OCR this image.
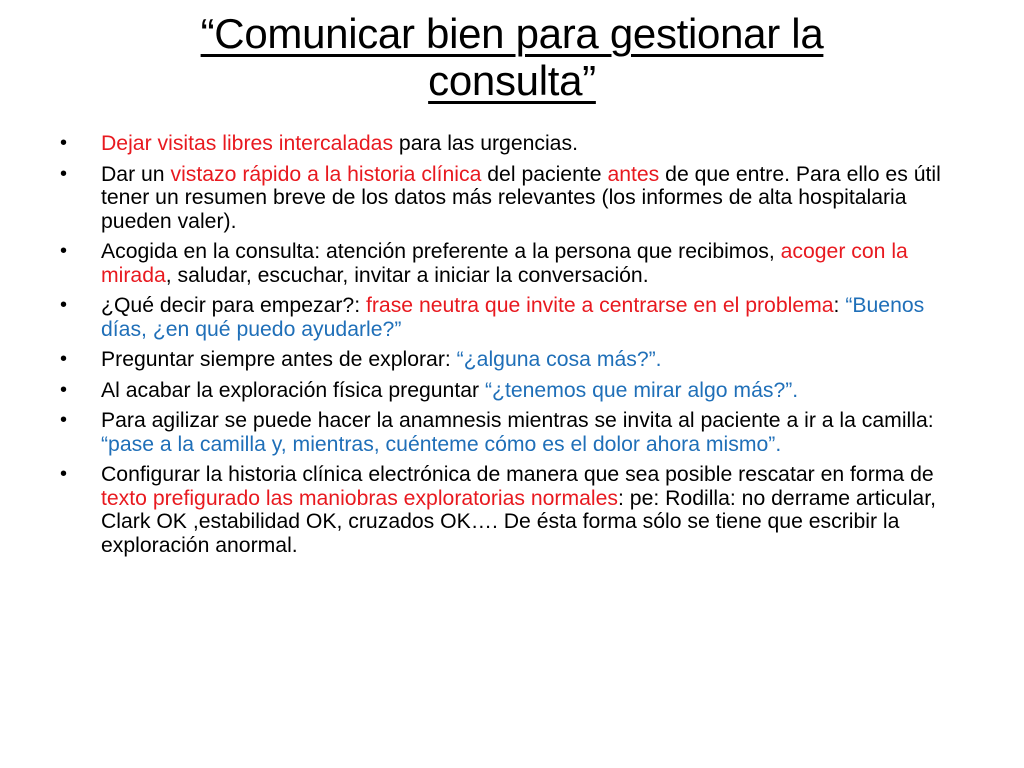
“Comunicar bien para gestionar la
consulta”
• Dejar visitas libres intercaladas para las urgencias.
• Dar un vistazo rápido a la historia clínica del paciente antes de que entre. Para ello es útil tener un resumen breve de los datos más relevantes (los informes de alta hospitalaria pueden valer).
• Acogida en la consulta: atención preferente a la persona que recibimos, acoger con la mirada, saludar, escuchar, invitar a iniciar la conversación.
• ¿Qué decir para empezar?: frase neutra que invite a centrarse en el problema: “Buenos días, ¿en qué puedo ayudarle?”
• Preguntar siempre antes de explorar: “¿alguna cosa más?”.
• Al acabar la exploración física preguntar “¿tenemos que mirar algo más?”.
• Para agilizar se puede hacer la anamnesis mientras se invita al paciente a ir a la camilla: “pase a la camilla y, mientras, cuénteme cómo es el dolor ahora mismo”.
• Configurar la historia clínica electrónica de manera que sea posible rescatar en forma de texto prefigurado las maniobras exploratorias normales: pe: Rodilla: no derrame articular, Clark OK ,estabilidad OK, cruzados OK…. De ésta forma sólo se tiene que escribir la exploración anormal.
